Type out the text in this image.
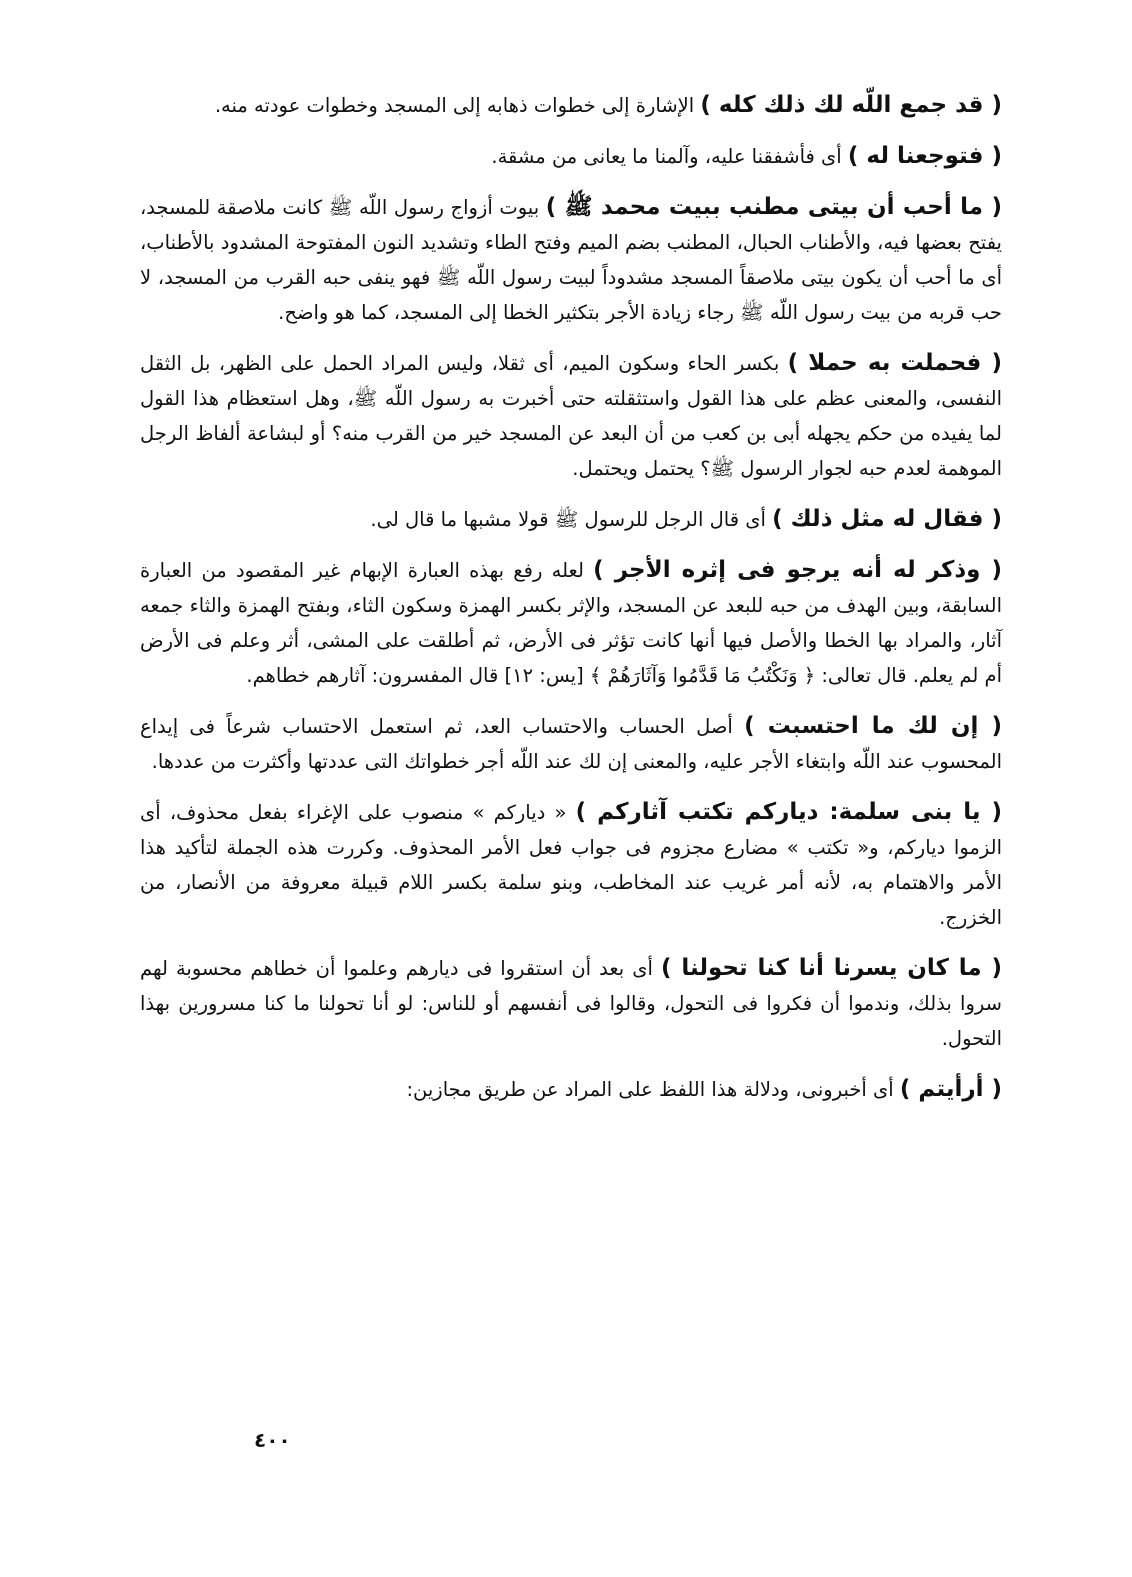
( قد جمع اللّه لك ذلك كله ) الإشارة إلى خطوات ذهابه إلى المسجد وخطوات عودته منه.

( فتوجعنا له ) أى فأشفقنا عليه، وآلمنا ما يعانى من مشقة.

( ما أحب أن بيتى مطنب ببيت محمد ﷺ ) بيوت أزواج رسول اللّه ﷺ كانت ملاصقة للمسجد، يفتح بعضها فيه، والأطناب الحبال، المطنب بضم الميم وفتح الطاء وتشديد النون المفتوحة المشدود بالأطناب، أى ما أحب أن يكون بيتى ملاصقاً المسجد مشدوداً لبيت رسول اللّه ﷺ فهو ينفى حبه القرب من المسجد، لا حب قربه من بيت رسول اللّه ﷺ رجاء زيادة الأجر بتكثير الخطا إلى المسجد، كما هو واضح.

( فحملت به حملا ) بكسر الحاء وسكون الميم، أى ثقلا، وليس المراد الحمل على الظهر، بل الثقل النفسى، والمعنى عظم على هذا القول واستثقلته حتى أخبرت به رسول اللّه ﷺ، وهل استعظام هذا القول لما يفيده من حكم يجهله أبى بن كعب من أن البعد عن المسجد خير من القرب منه؟ أو لبشاعة ألفاظ الرجل الموهمة لعدم حبه لجوار الرسول ﷺ؟ يحتمل ويحتمل.

( فقال له مثل ذلك ) أى قال الرجل للرسول ﷺ قولا مشبها ما قال لى.

( وذكر له أنه يرجو فى إثره الأجر ) لعله رفع بهذه العبارة الإبهام غير المقصود من العبارة السابقة، وبين الهدف من حبه للبعد عن المسجد، والإثر بكسر الهمزة وسكون الثاء، وبفتح الهمزة والثاء جمعه آثار، والمراد بها الخطا والأصل فيها أنها كانت تؤثر فى الأرض، ثم أطلقت على المشى، أثر وعلم فى الأرض أم لم يعلم. قال تعالى: ﴿ وَنَكْتُبُ مَا قَدَّمُوا وَآثَارَهُمْ ﴾ [يس: ١٢] قال المفسرون: آثارهم خطاهم.

( إن لك ما احتسبت ) أصل الحساب والاحتساب العد، ثم استعمل الاحتساب شرعاً فى إيداع المحسوب عند اللّه وابتغاء الأجر عليه، والمعنى إن لك عند اللّه أجر خطواتك التى عددتها وأكثرت من عددها.

( يا بنى سلمة: دياركم تكتب آثاركم ) « دياركم » منصوب على الإغراء بفعل محذوف، أى الزموا دياركم، و« تكتب » مضارع مجزوم فى جواب فعل الأمر المحذوف. وكررت هذه الجملة لتأكيد هذا الأمر والاهتمام به، لأنه أمر غريب عند المخاطب، وبنو سلمة بكسر اللام قبيلة معروفة من الأنصار، من الخزرج.

( ما كان يسرنا أنا كنا تحولنا ) أى بعد أن استقروا فى ديارهم وعلموا أن خطاهم محسوبة لهم سروا بذلك، وندموا أن فكروا فى التحول، وقالوا فى أنفسهم أو للناس: لو أنا تحولنا ما كنا مسرورين بهذا التحول.

( أرأيتم ) أى أخبرونى، ودلالة هذا اللفظ على المراد عن طريق مجازين:

٤٠٠
